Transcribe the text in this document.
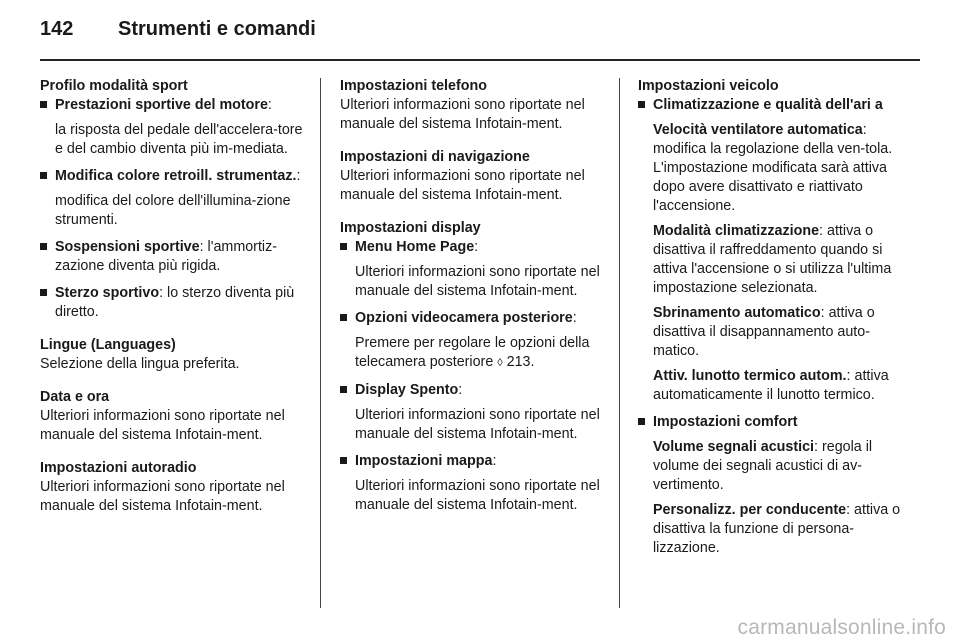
142	Strumenti e comandi
Profilo modalità sport
Prestazioni sportive del motore:
la risposta del pedale dell'accelera-tore e del cambio diventa più im-mediata.
Modifica colore retroill. strumentaz.:
modifica del colore dell'illumina-zione strumenti.
Sospensioni sportive: l'ammortiz-zazione diventa più rigida.
Sterzo sportivo: lo sterzo diventa più diretto.
Lingue (Languages)
Selezione della lingua preferita.
Data e ora
Ulteriori informazioni sono riportate nel manuale del sistema Infotain-ment.
Impostazioni autoradio
Ulteriori informazioni sono riportate nel manuale del sistema Infotain-ment.
Impostazioni telefono
Ulteriori informazioni sono riportate nel manuale del sistema Infotain-ment.
Impostazioni di navigazione
Ulteriori informazioni sono riportate nel manuale del sistema Infotain-ment.
Impostazioni display
Menu Home Page:
Ulteriori informazioni sono riportate nel manuale del sistema Infotain-ment.
Opzioni videocamera posteriore:
Premere per regolare le opzioni della telecamera posteriore ◊ 213.
Display Spento:
Ulteriori informazioni sono riportate nel manuale del sistema Infotain-ment.
Impostazioni mappa:
Ulteriori informazioni sono riportate nel manuale del sistema Infotain-ment.
Impostazioni veicolo
Climatizzazione e qualità dell'ari a
Velocità ventilatore automatica: modifica la regolazione della ven-tola. L'impostazione modificata sarà attiva dopo avere disattivato e riattivato l'accensione.
Modalità climatizzazione: attiva o disattiva il raffreddamento quando si attiva l'accensione o si utilizza l'ultima impostazione selezionata.
Sbrinamento automatico: attiva o disattiva il disappannamento auto-matico.
Attiv. lunotto termico autom.: attiva automaticamente il lunotto termico.
Impostazioni comfort
Volume segnali acustici: regola il volume dei segnali acustici di av-vertimento.
Personalizz. per conducente: attiva o disattiva la funzione di persona-lizzazione.
carmanualsonline.info
